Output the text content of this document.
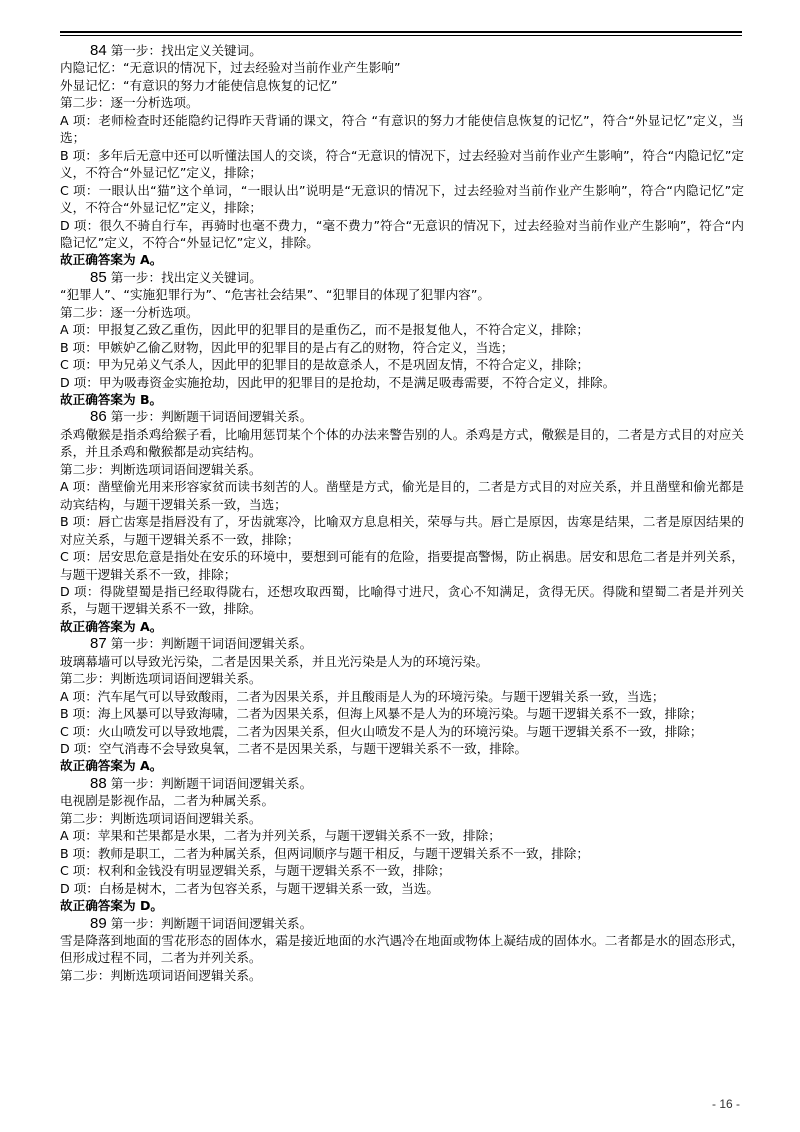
84 第一步：找出定义关键词。
内隐记忆：“无意识的情况下，过去经验对当前作业产生影响”
外显记忆：“有意识的努力才能使信息恢复的记忆”
第二步：逐一分析选项。
A 项：老师检查时还能隐约记得昨天背诵的课文，符合 “有意识的努力才能使信息恢复的记忆”，符合“外显记忆”定义，当选；
B 项：多年后无意中还可以听懂法国人的交谈，符合“无意识的情况下，过去经验对当前作业产生影响”，符合“内隐记忆”定义，不符合“外显记忆”定义，排除；
C 项：一眼认出“猫”这个单词，“一眼认出”说明是“无意识的情况下，过去经验对当前作业产生影响”，符合“内隐记忆”定义，不符合“外显记忆”定义，排除；
D 项：很久不骑自行车，再骑时也毫不费力，“毫不费力”符合“无意识的情况下，过去经验对当前作业产生影响”，符合“内隐记忆”定义，不符合“外显记忆”定义，排除。
故正确答案为 A。
85 第一步：找出定义关键词。
“犯罪人”、“实施犯罪行为”、“危害社会结果”、“犯罪目的体现了犯罪内容”。
第二步：逐一分析选项。
A 项：甲报复乙致乙重伤，因此甲的犯罪目的是重伤乙，而不是报复他人，不符合定义，排除；
B 项：甲嫉妒乙偷乙财物，因此甲的犯罪目的是占有乙的财物，符合定义，当选；
C 项：甲为兄弟义气杀人，因此甲的犯罪目的是故意杀人，不是巩固友情，不符合定义，排除；
D 项：甲为吸毒资金实施抢劫，因此甲的犯罪目的是抢劫，不是满足吸毒需要，不符合定义，排除。
故正确答案为 B。
86 第一步：判断题干词语间逻辑关系。
杀鸡儆猴是指杀鸡给猴子看，比喻用惩罚某个个体的办法来警告别的人。杀鸡是方式，儆猴是目的，二者是方式目的对应关系，并且杀鸡和儆猴都是动宾结构。
第二步：判断选项词语间逻辑关系。
A 项：凿壁偷光用来形容家贫而读书刻苦的人。凿壁是方式，偷光是目的，二者是方式目的对应关系，并且凿壁和偷光都是动宾结构，与题干逻辑关系一致，当选；
B 项：唇亡齿寒是指唇没有了，牙齿就寒冷，比喻双方息息相关，荣辱与共。唇亡是原因，齿寒是结果，二者是原因结果的对应关系，与题干逻辑关系不一致，排除；
C 项：居安思危意是指处在安乐的环境中，要想到可能有的危险，指要提高警惕，防止祸患。居安和思危二者是并列关系，与题干逻辑关系不一致，排除；
D 项：得陇望蜀是指已经取得陇右，还想攻取西蜀，比喻得寸进尺，贪心不知满足，贪得无厌。得陇和望蜀二者是并列关系，与题干逻辑关系不一致，排除。
故正确答案为 A。
87 第一步：判断题干词语间逻辑关系。
玻璃幕墙可以导致光污染，二者是因果关系，并且光污染是人为的环境污染。
第二步：判断选项词语间逻辑关系。
A 项：汽车尾气可以导致酸雨，二者为因果关系，并且酸雨是人为的环境污染。与题干逻辑关系一致，当选；
B 项：海上风暴可以导致海啸，二者为因果关系，但海上风暴不是人为的环境污染。与题干逻辑关系不一致，排除；
C 项：火山喷发可以导致地震，二者为因果关系，但火山喷发不是人为的环境污染。与题干逻辑关系不一致，排除；
D 项：空气消毒不会导致臭氧，二者不是因果关系，与题干逻辑关系不一致，排除。
故正确答案为 A。
88 第一步：判断题干词语间逻辑关系。
电视剧是影视作品，二者为种属关系。
第二步：判断选项词语间逻辑关系。
A 项：苹果和芒果都是水果，二者为并列关系，与题干逻辑关系不一致，排除；
B 项：教师是职工，二者为种属关系，但两词顺序与题干相反，与题干逻辑关系不一致，排除；
C 项：权利和金钱没有明显逻辑关系，与题干逻辑关系不一致，排除；
D 项：白杨是树木，二者为包容关系，与题干逻辑关系一致，当选。
故正确答案为 D。
89 第一步：判断题干词语间逻辑关系。
雪是降落到地面的雪花形态的固体水，霜是接近地面的水汽遇冷在地面或物体上凝结成的固体水。二者都是水的固态形式，但形成过程不同，二者为并列关系。
第二步：判断选项词语间逻辑关系。
- 16 -
